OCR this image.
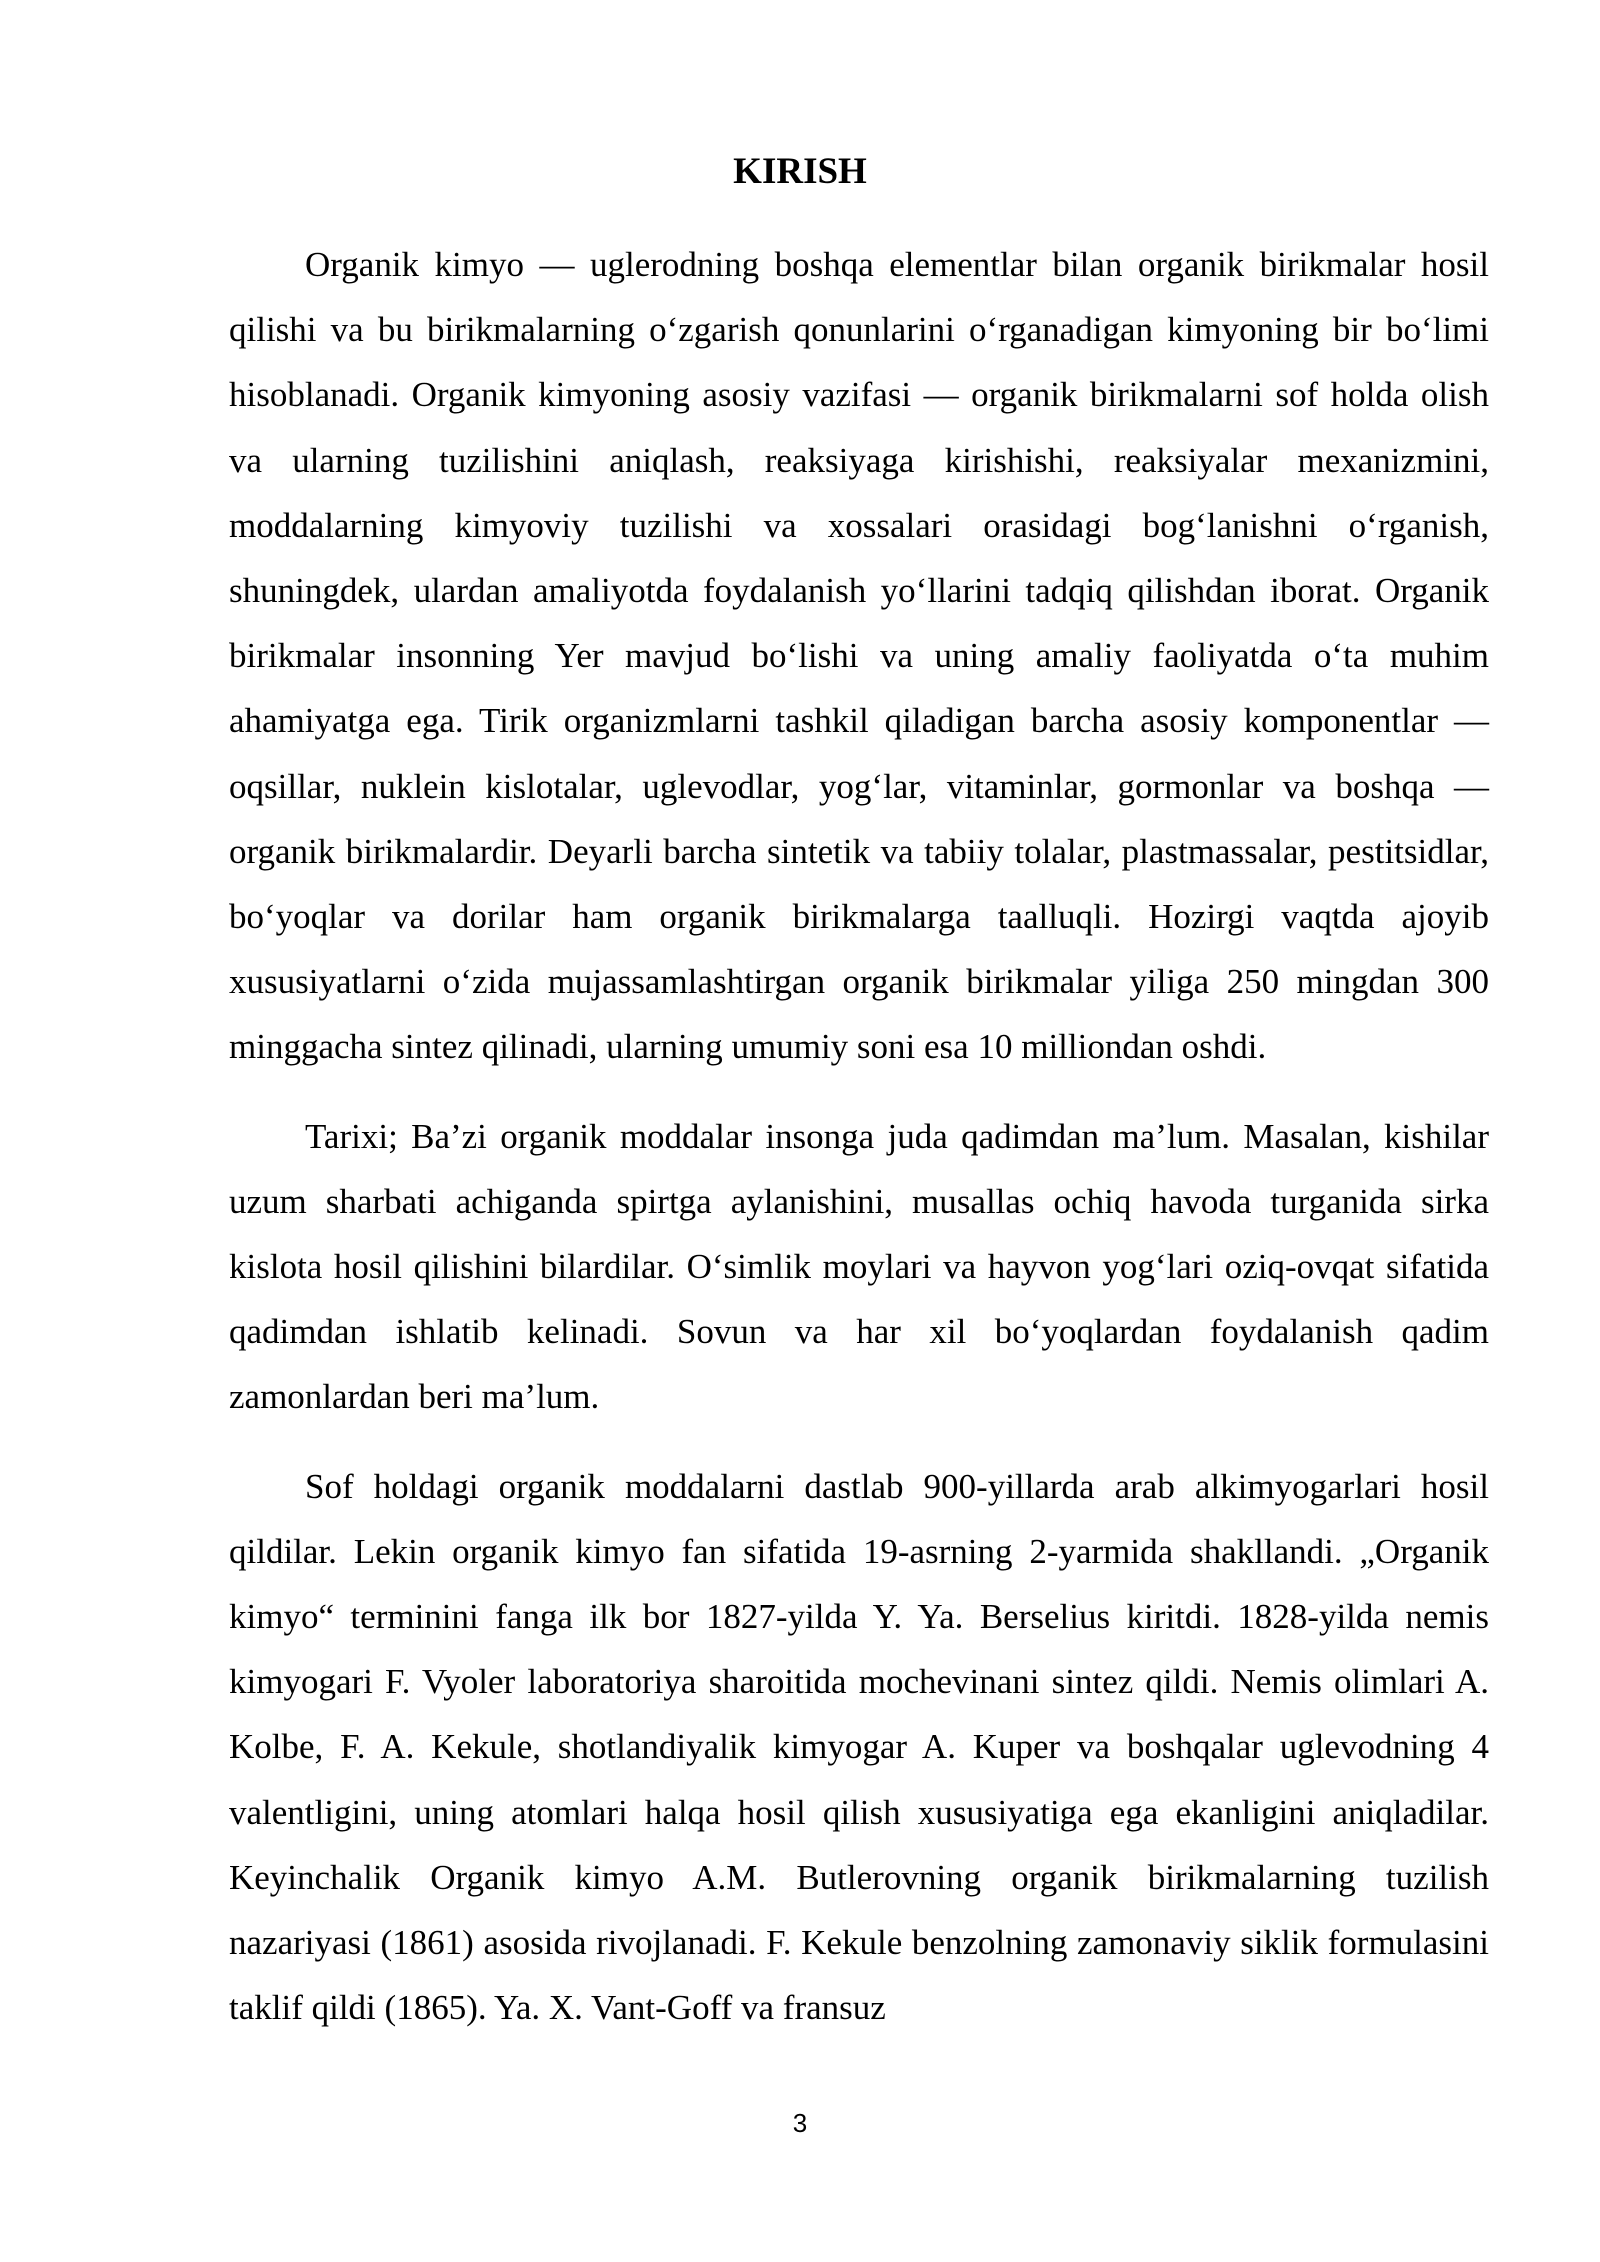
KIRISH

Organik kimyo — uglerodning boshqa elementlar bilan organik birikmalar hosil qilishi va bu birikmalarning oʻzgarish qonunlarini oʻrganadigan kimyoning bir boʻlimi hisoblanadi. Organik kimyoning asosiy vazifasi — organik birikmalarni sof holda olish va ularning tuzilishini aniqlash, reaksiyaga kirishishi, reaksiyalar mexanizmini, moddalarning kimyoviy tuzilishi va xossalari orasidagi bogʻlanishni oʻrganish, shuningdek, ulardan amaliyotda foydalanish yoʻllarini tadqiq qilishdan iborat. Organik birikmalar insonning Yer mavjud boʻlishi va uning amaliy faoliyatda oʻta muhim ahamiyatga ega. Tirik organizmlarni tashkil qiladigan barcha asosiy komponentlar — oqsillar, nuklein kislotalar, uglevodlar, yogʻlar, vitaminlar, gormonlar va boshqa — organik birikmalardir. Deyarli barcha sintetik va tabiiy tolalar, plastmassalar, pestitsidlar, boʻyoqlar va dorilar ham organik birikmalarga taalluqli. Hozirgi vaqtda ajoyib xususiyatlarni oʻzida mujassamlashtirgan organik birikmalar yiliga 250 mingdan 300 minggacha sintez qilinadi, ularning umumiy soni esa 10 milliondan oshdi.

Tarixi; Ba’zi organik moddalar insonga juda qadimdan ma’lum. Masalan, kishilar uzum sharbati achiganda spirtga aylanishini, musallas ochiq havoda turganida sirka kislota hosil qilishini bilardilar. Oʻsimlik moylari va hayvon yogʻlari oziq-ovqat sifatida qadimdan ishlatib kelinadi. Sovun va har xil boʻyoqlardan foydalanish qadim zamonlardan beri ma’lum.

Sof holdagi organik moddalarni dastlab 900-yillarda arab alkimyogarlari hosil qildilar. Lekin organik kimyo fan sifatida 19-asrning 2-yarmida shakllandi. „Organik kimyo“ terminini fanga ilk bor 1827-yilda Y. Ya. Berselius kiritdi. 1828-yilda nemis kimyogari F. Vyoler laboratoriya sharoitida mochevinani sintez qildi. Nemis olimlari A. Kolbe, F. A. Kekule, shotlandiyalik kimyogar A. Kuper va boshqalar uglevodning 4 valentligini, uning atomlari halqa hosil qilish xususiyatiga ega ekanligini aniqladilar. Keyinchalik Organik kimyo A.M. Butlerovning organik birikmalarning tuzilish nazariyasi (1861) asosida rivojlanadi. F. Kekule benzolning zamonaviy siklik formulasini taklif qildi (1865). Ya. X. Vant-Goff va fransuz

3
